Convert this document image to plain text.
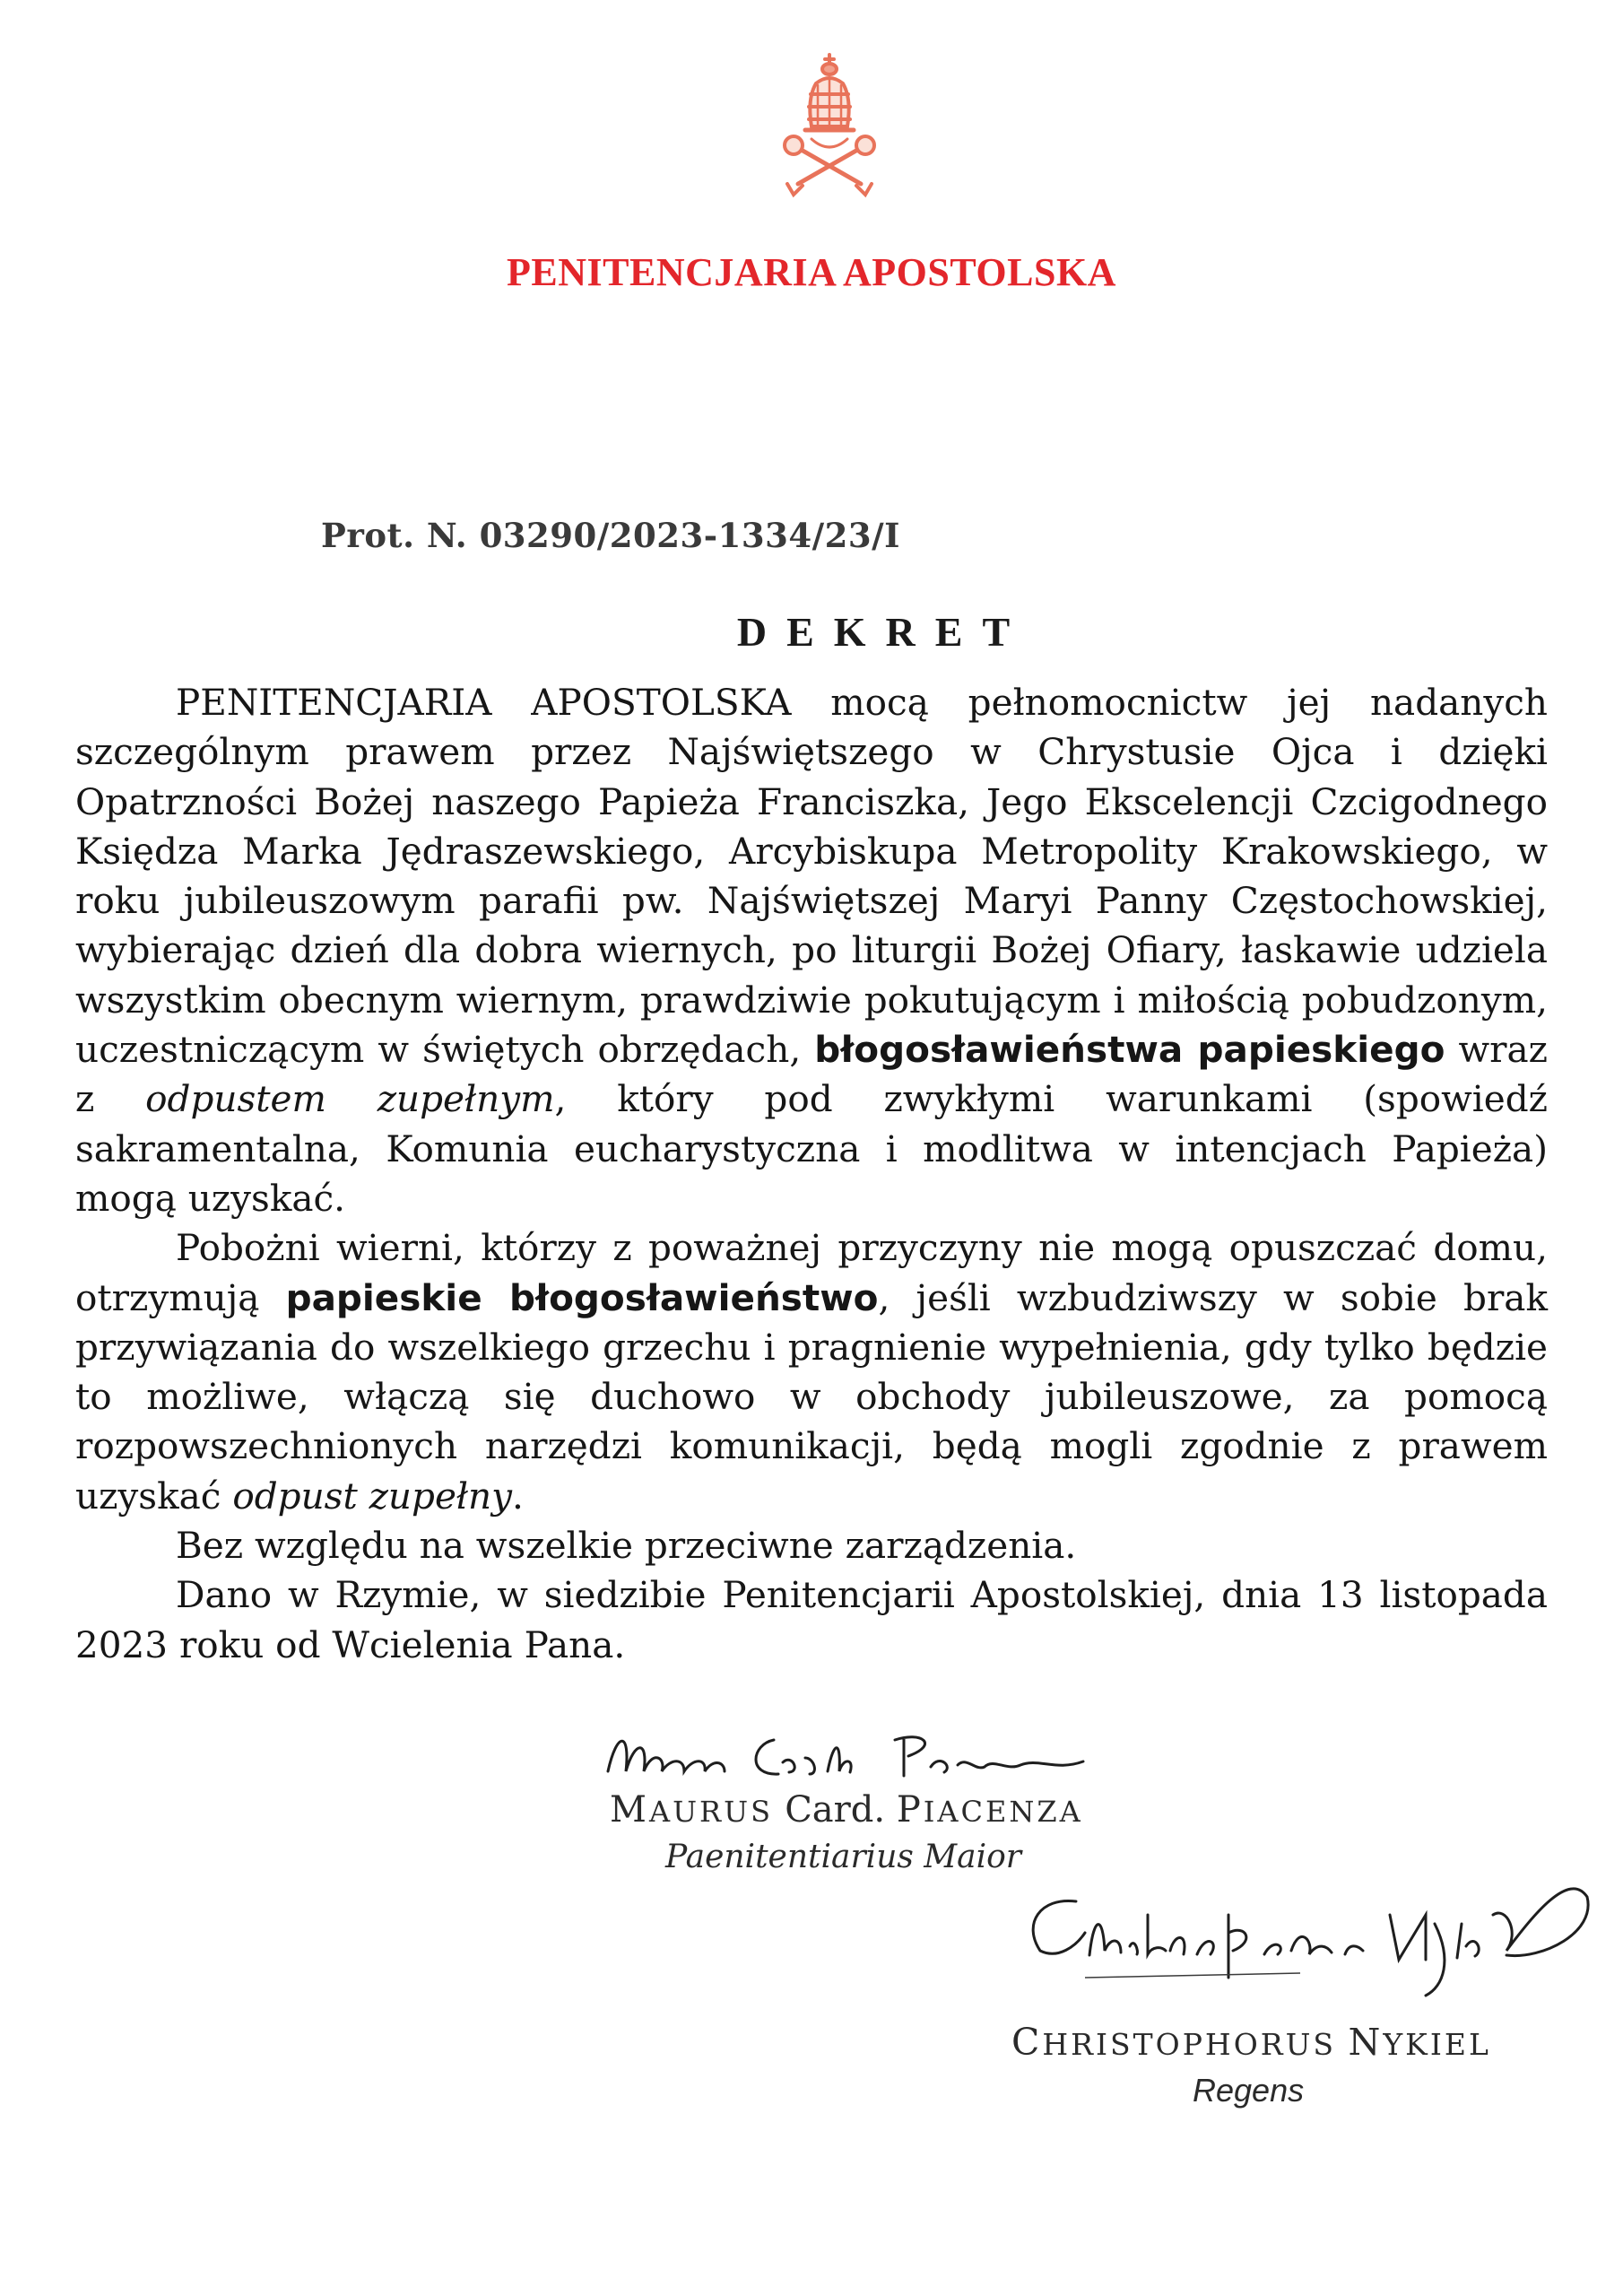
PENITENCJARIA APOSTOLSKA
Prot. N. 03290/2023-1334/23/I
DEKRET

PENITENCJARIA APOSTOLSKA mocą pełnomocnictw jej nadanych szczególnym prawem przez Najświętszego w Chrystusie Ojca i dzięki Opatrzności Bożej naszego Papieża Franciszka, Jego Ekscelencji Czcigodnego Księdza Marka Jędraszewskiego, Arcybiskupa Metropolity Krakowskiego, w roku jubileuszowym parafii pw. Najświętszej Maryi Panny Częstochowskiej, wybierając dzień dla dobra wiernych, po liturgii Bożej Ofiary, łaskawie udziela wszystkim obecnym wiernym, prawdziwie pokutującym i miłością pobudzonym, uczestniczącym w świętych obrzędach, błogosławieństwa papieskiego wraz z odpustem zupełnym, który pod zwykłymi warunkami (spowiedź sakramentalna, Komunia eucharystyczna i modlitwa w intencjach Papieża) mogą uzyskać.

Pobożni wierni, którzy z poważnej przyczyny nie mogą opuszczać domu, otrzymują papieskie błogosławieństwo, jeśli wzbudziwszy w sobie brak przywiązania do wszelkiego grzechu i pragnienie wypełnienia, gdy tylko będzie to możliwe, włączą się duchowo w obchody jubileuszowe, za pomocą rozpowszechnionych narzędzi komunikacji, będą mogli zgodnie z prawem uzyskać odpust zupełny.

Bez względu na wszelkie przeciwne zarządzenia.

Dano w Rzymie, w siedzibie Penitencjarii Apostolskiej, dnia 13 listopada 2023 roku od Wcielenia Pana.

MAURUS Card. PIACENZA
Paenitentiarius Maior
CHRISTOPHORUS NYKIEL
Regens
